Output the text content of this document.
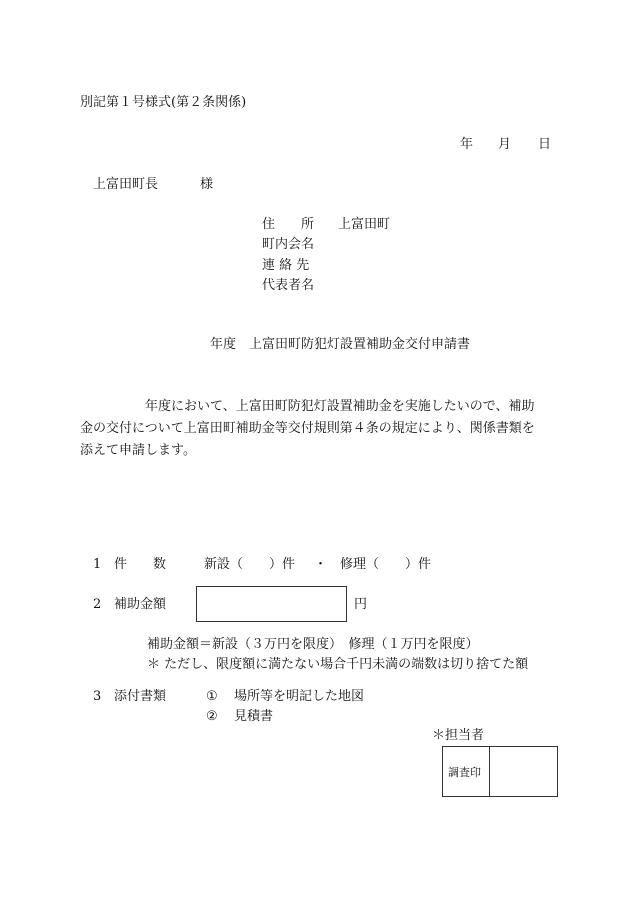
別記第１号様式(第２条関係)
年 月 日
上富田町長	様
住　　所 上富田町
町内会名
連 絡 先
代表者名
年度　上富田町防犯灯設置補助金交付申請書

　　　　　年度において、上富田町防犯灯設置補助金を実施したいので、補助

金の交付について上富田町補助金等交付規則第４条の規定により、関係書類を

添えて申請します。

1 件　　数	新設（　　）件 ・ 修理（　　）件
2 補助金額	円
補助金額＝新設（３万円を限度）　修理（１万円を限度）
＊ ただし、限度額に満たない場合千円未満の端数は切り捨てた額
3 添付書類	① 場所等を明記した地図
② 見積書
＊担当者
調査印
